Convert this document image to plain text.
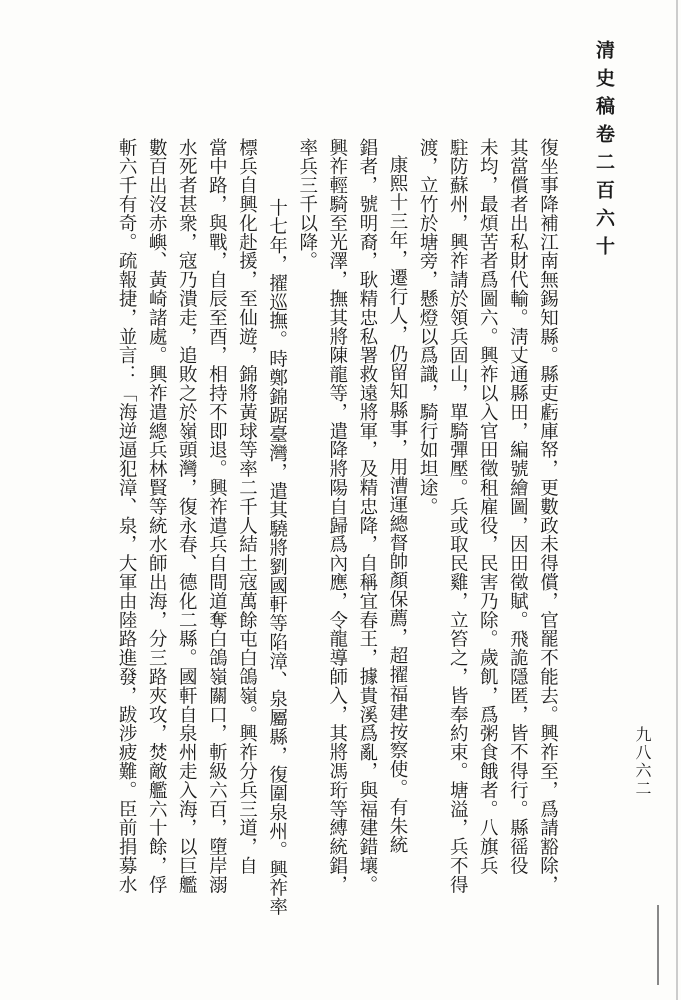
清史稿卷二百六十
九八六二
復坐事降補江南無錫知縣。縣吏虧庫帑，更數政未得償，官罷不能去。興祚至，爲請豁除，
其當償者出私財代輸。淸丈通縣田，編號繪圖，因田徵賦。飛詭隱匿，皆不得行。縣徭役
未均，最煩苦者爲圖六。興祚以入官田徵租雇役，民害乃除。歲飢，爲粥食餓者。八旗兵
駐防蘇州，興祚請於領兵固山，單騎彈壓。兵或取民雞，立笞之，皆奉約束。塘溢，兵不得
渡，立竹於塘旁，懸燈以爲識，騎行如坦途。
康熙十三年，遷行人，仍留知縣事，用漕運總督帥顏保薦，超擢福建按察使。有朱統
錩者，號明裔，耿精忠私署救遠將軍，及精忠降，自稱宜春王，據貴溪爲亂，與福建錯壤。
興祚輕騎至光澤，撫其將陳龍等，遣降將陽自歸爲內應，令龍導師入，其將馮珩等縛統錩，
率兵三千以降。
十七年，擢巡撫。時鄭錦踞臺灣，遣其驍將劉國軒等陷漳、泉屬縣，復圍泉州。興祚率
標兵自興化赴援，至仙遊，錦將黃球等率二千人結土寇萬餘屯白鴿嶺。興祚分兵三道，自
當中路，與戰，自辰至酉，相持不即退。興祚遣兵自間道奪白鴿嶺關口，斬級六百，墮岸溺
水死者甚衆，寇乃潰走，追敗之於嶺頭灣，復永春、德化二縣。國軒自泉州走入海，以巨艦
數百出沒赤嶼、黃崎諸處。興祚遣總兵林賢等統水師出海，分三路夾攻，焚敵艦六十餘，俘
斬六千有奇。疏報捷，並言：「海逆逼犯漳、泉，大軍由陸路進發，跋涉疲難。臣前捐募水
